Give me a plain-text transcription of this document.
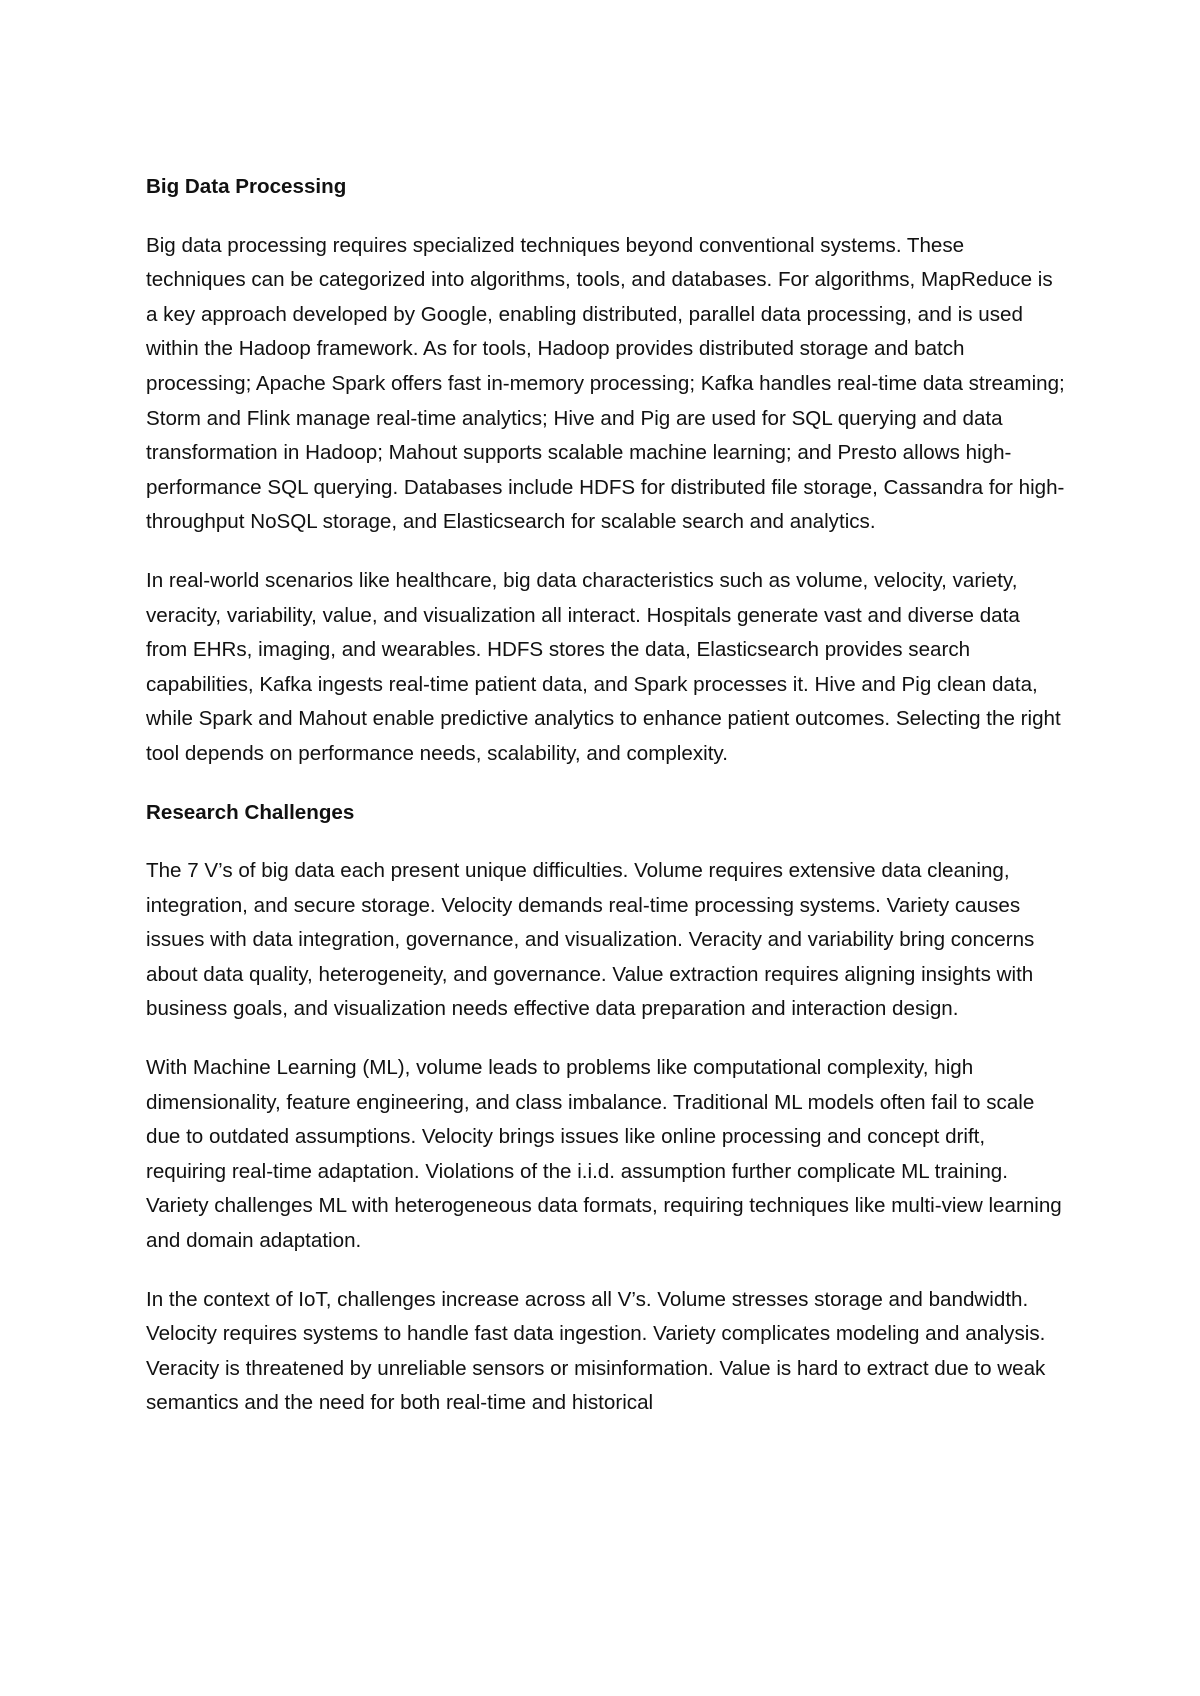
Big Data Processing
Big data processing requires specialized techniques beyond conventional systems. These techniques can be categorized into algorithms, tools, and databases. For algorithms, MapReduce is a key approach developed by Google, enabling distributed, parallel data processing, and is used within the Hadoop framework. As for tools, Hadoop provides distributed storage and batch processing; Apache Spark offers fast in-memory processing; Kafka handles real-time data streaming; Storm and Flink manage real-time analytics; Hive and Pig are used for SQL querying and data transformation in Hadoop; Mahout supports scalable machine learning; and Presto allows high-performance SQL querying. Databases include HDFS for distributed file storage, Cassandra for high-throughput NoSQL storage, and Elasticsearch for scalable search and analytics.
In real-world scenarios like healthcare, big data characteristics such as volume, velocity, variety, veracity, variability, value, and visualization all interact. Hospitals generate vast and diverse data from EHRs, imaging, and wearables. HDFS stores the data, Elasticsearch provides search capabilities, Kafka ingests real-time patient data, and Spark processes it. Hive and Pig clean data, while Spark and Mahout enable predictive analytics to enhance patient outcomes. Selecting the right tool depends on performance needs, scalability, and complexity.
Research Challenges
The 7 V’s of big data each present unique difficulties. Volume requires extensive data cleaning, integration, and secure storage. Velocity demands real-time processing systems. Variety causes issues with data integration, governance, and visualization. Veracity and variability bring concerns about data quality, heterogeneity, and governance. Value extraction requires aligning insights with business goals, and visualization needs effective data preparation and interaction design.
With Machine Learning (ML), volume leads to problems like computational complexity, high dimensionality, feature engineering, and class imbalance. Traditional ML models often fail to scale due to outdated assumptions. Velocity brings issues like online processing and concept drift, requiring real-time adaptation. Violations of the i.i.d. assumption further complicate ML training. Variety challenges ML with heterogeneous data formats, requiring techniques like multi-view learning and domain adaptation.
In the context of IoT, challenges increase across all V’s. Volume stresses storage and bandwidth. Velocity requires systems to handle fast data ingestion. Variety complicates modeling and analysis. Veracity is threatened by unreliable sensors or misinformation. Value is hard to extract due to weak semantics and the need for both real-time and historical
